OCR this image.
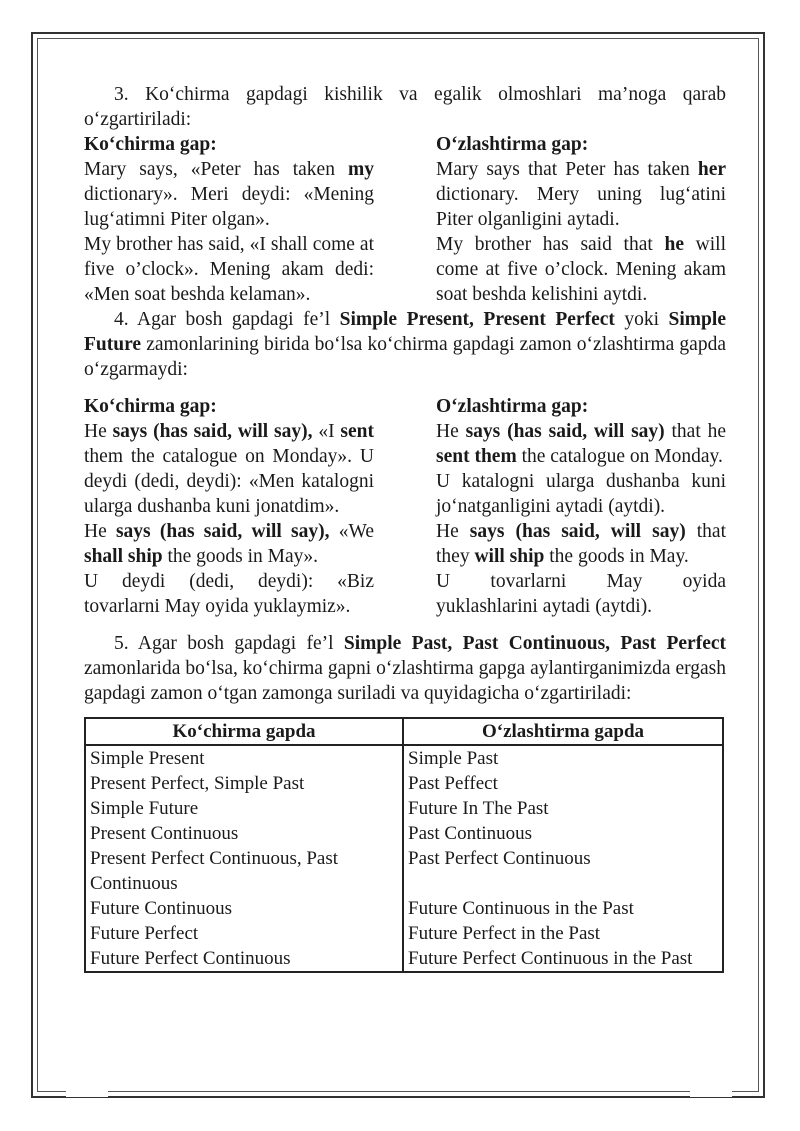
3. Ko‘chirma gapdagi kishilik va egalik olmoshlari ma’noga qarab o‘zgartiriladi:

Ko‘chirma gap:

Mary says, «Peter has taken my dictionary». Meri deydi: «Mening lug‘atimni Piter olgan».

My brother has said, «I shall come at five o’clock». Mening akam dedi: «Men soat beshda kelaman».

O‘zlashtirma gap:

Mary says that Peter has taken her dictionary. Mery uning lug‘atini Piter olganligini aytadi.

My brother has said that he will come at five o’clock. Mening akam soat beshda kelishini aytdi.

4. Agar bosh gapdagi fe’l Simple Present, Present Perfect yoki Simple Future zamonlarining birida bo‘lsa ko‘chirma gapdagi zamon o‘zlashtirma gapda o‘zgarmaydi:

Ko‘chirma gap:

He says (has said, will say), «I sent them the catalogue on Monday». U deydi (dedi, deydi): «Men katalogni ularga dushanba kuni jonatdim».

He says (has said, will say), «We shall ship the goods in May».

U deydi (dedi, deydi): «Biz tovarlarni May oyida yuklaymiz».

O‘zlashtirma gap:

He says (has said, will say) that he sent them the catalogue on Monday.

U katalogni ularga dushanba kuni jo‘natganligini aytadi (aytdi).

He says (has said, will say) that they will ship the goods in May.

U tovarlarni May oyida yuklashlarini aytadi (aytdi).

5. Agar bosh gapdagi fe’l Simple Past, Past Continuous, Past Perfect zamonlarida bo‘lsa, ko‘chirma gapni o‘zlashtirma gapga aylantirganimizda ergash gapdagi zamon o‘tgan zamonga suriladi va quyidagicha o‘zgartiriladi:

Ko‘chirma gapda	O‘zlashtirma gapda
Simple Present	Simple Past
Present Perfect, Simple Past	Past Peffect
Simple Future	Future In The Past
Present Continuous	Past Continuous
Present Perfect Continuous, Past Continuous	Past Perfect Continuous
Future Continuous	Future Continuous in the Past
Future Perfect	Future Perfect in the Past
Future Perfect Continuous	Future Perfect Continuous in the Past
